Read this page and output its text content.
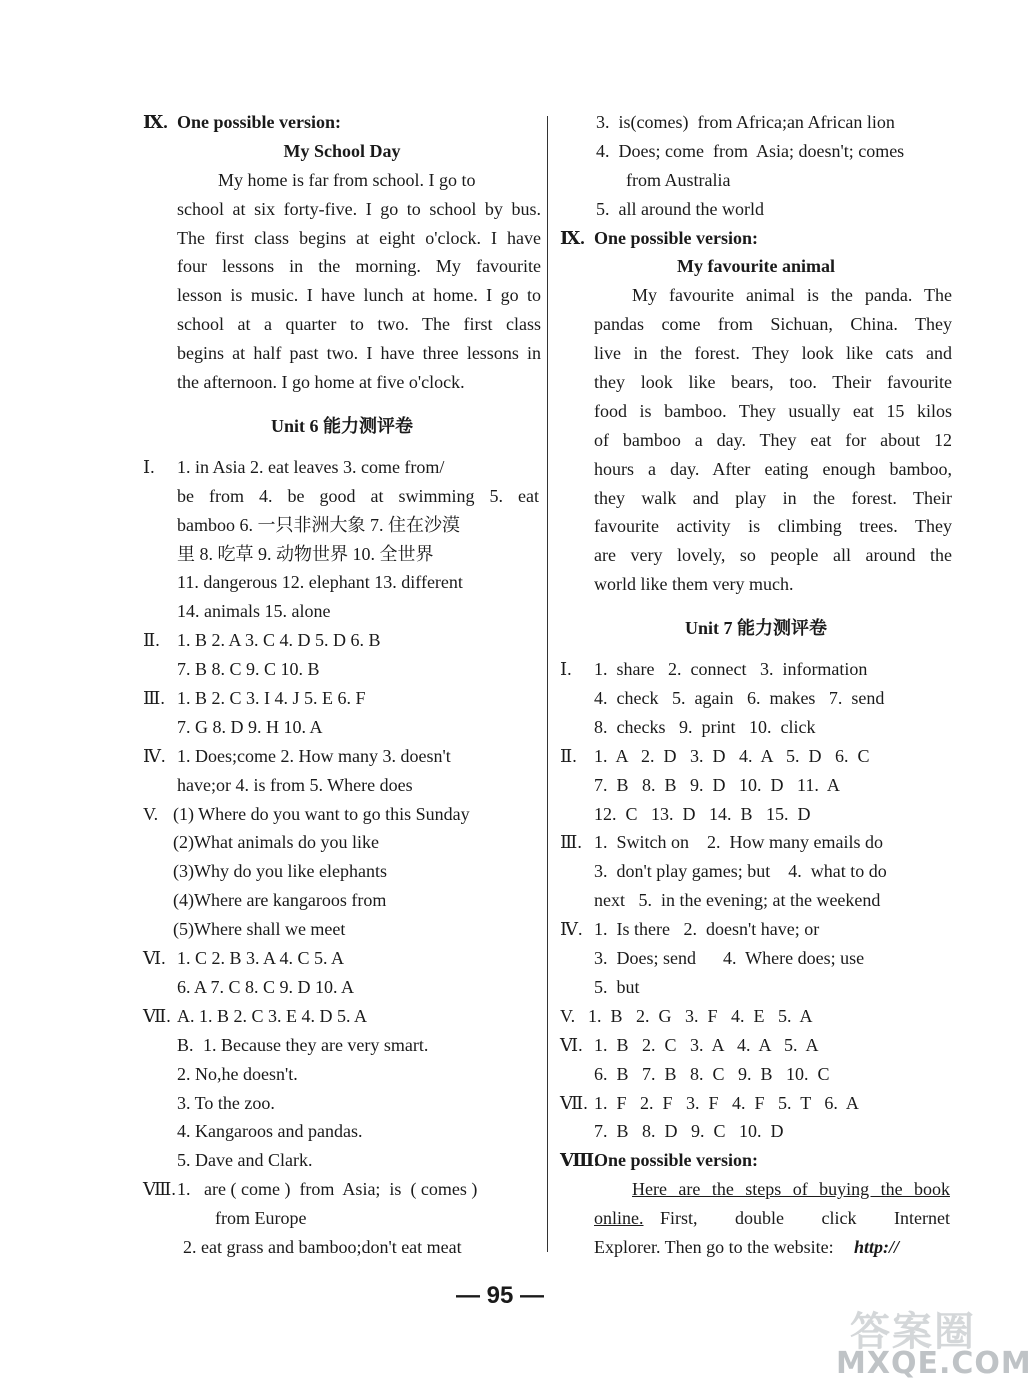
Ⅸ. One possible version:
My School Day
My home is far from school. I go to
school at six forty-five. I go to school by bus.
The first class begins at eight o'clock. I have
four lessons in the morning. My favourite
lesson is music. I have lunch at home. I go to
school at a quarter to two. The first class
begins at half past two. I have three lessons in
the afternoon. I go home at five o'clock.
Unit 6 能力测评卷
Ⅰ. 1. in Asia 2. eat leaves 3. come from/
be from 4. be good at swimming 5. eat
bamboo 6. 一只非洲大象 7. 住在沙漠
里 8. 吃草 9. 动物世界 10. 全世界
11. dangerous 12. elephant 13. different
14. animals 15. alone
Ⅱ. 1. B 2. A 3. C 4. D 5. D 6. B
7. B 8. C 9. C 10. B
Ⅲ. 1. B 2. C 3. I 4. J 5. E 6. F
7. G 8. D 9. H 10. A
Ⅳ. 1. Does;come 2. How many 3. doesn't
have;or 4. is from 5. Where does
V. (1) Where do you want to go this Sunday
(2)What animals do you like
(3)Why do you like elephants
(4)Where are kangaroos from
(5)Where shall we meet
Ⅵ. 1. C 2. B 3. A 4. C 5. A
6. A 7. C 8. C 9. D 10. A
Ⅶ. A. 1. B 2. C 3. E 4. D 5. A
B. 1. Because they are very smart.
2. No,he doesn't.
3. To the zoo.
4. Kangaroos and pandas.
5. Dave and Clark.
Ⅷ. 1.   are ( come )  from  Asia;  is  ( comes )
from Europe
2. eat grass and bamboo;don't eat meat
3.  is(comes)  from Africa;an African lion
4.  Does; come  from  Asia; doesn't; comes
from Australia
5.  all around the world
Ⅸ. One possible version:
My favourite animal
My favourite animal is the panda. The
pandas come from Sichuan, China. They
live in the forest. They look like cats and
they look like bears, too. Their favourite
food is bamboo. They usually eat 15 kilos
of bamboo a day. They eat for about 12
hours a day. After eating enough bamboo,
they walk and play in the forest. Their
favourite activity is climbing trees. They
are very lovely, so people all around the
world like them very much.
Unit 7 能力测评卷
Ⅰ. 1.  share   2.  connect   3.  information
4.  check   5.  again   6.  makes   7.  send
8.  checks   9.  print   10.  click
Ⅱ. 1.  A   2.  D   3.  D   4.  A   5.  D   6.  C
7.  B   8.  B   9.  D   10.  D   11.  A
12.  C   13.  D   14.  B   15.  D
Ⅲ. 1.  Switch on    2.  How many emails do
3.  don't play games; but    4.  what to do
next   5.  in the evening; at the weekend
Ⅳ. 1.  Is there   2.  doesn't have; or
3.  Does; send      4.  Where does; use
5.  but
V. 1.  B   2.  G   3.  F   4.  E   5.  A
Ⅵ. 1.  B   2.  C   3.  A   4.  A   5.  A
6.  B   7.  B   8.  C   9.  B   10.  C
Ⅶ. 1.  F   2.  F   3.  F   4.  F   5.  T   6.  A
7.  B   8.  D   9.  C   10.  D
Ⅷ.
One possible version:
Here are the steps of buying the book
online. First, double click Internet
Explorer. Then go to the website: http://
— 95 —
答案圈
MXQE.COM
